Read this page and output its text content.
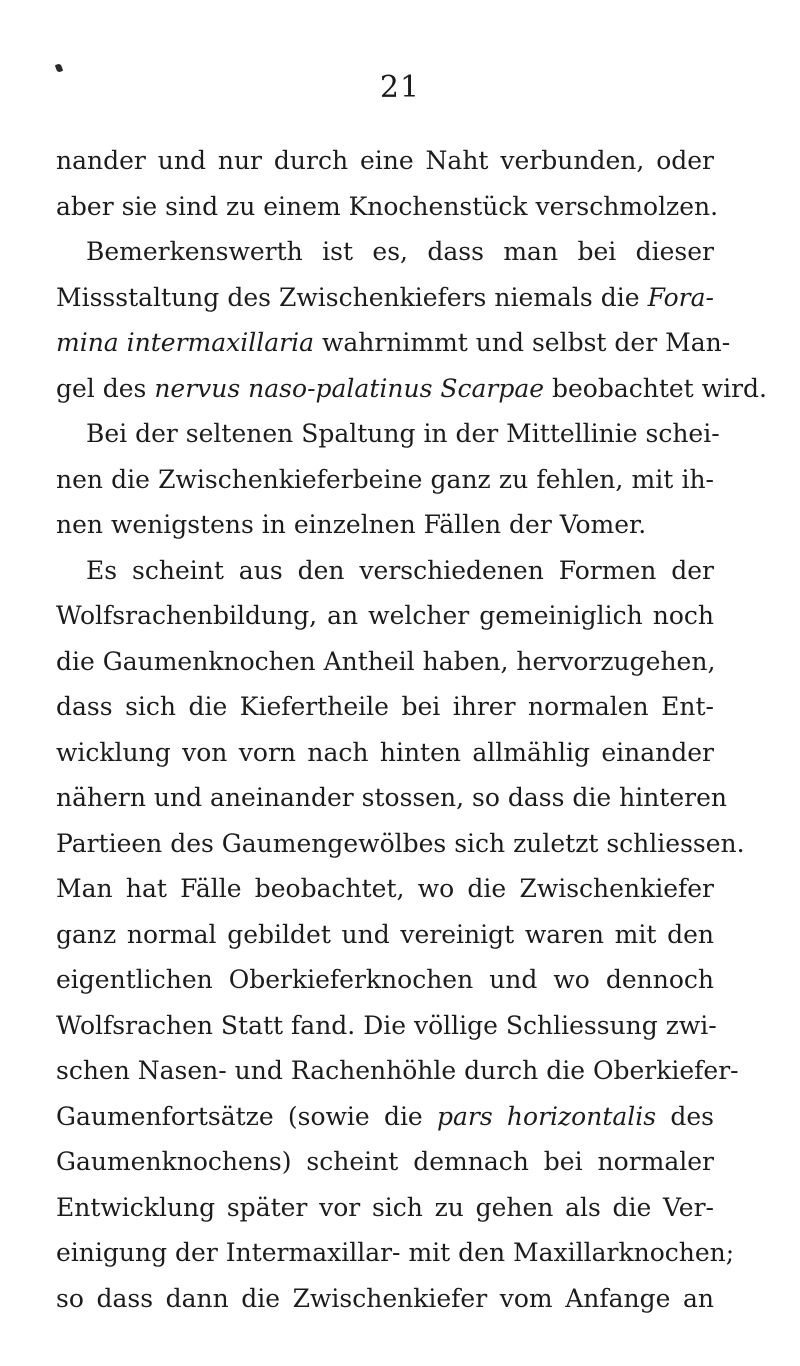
21
nander und nur durch eine Naht verbunden, oder
aber sie sind zu einem Knochenstück verschmolzen.
Bemerkenswerth ist es, dass man bei dieser
Missstaltung des Zwischenkiefers niemals die Fora-
mina intermaxillaria wahrnimmt und selbst der Man-
gel des nervus naso-palatinus Scarpae beobachtet wird.
Bei der seltenen Spaltung in der Mittellinie schei-
nen die Zwischenkieferbeine ganz zu fehlen, mit ih-
nen wenigstens in einzelnen Fällen der Vomer.
Es scheint aus den verschiedenen Formen der
Wolfsrachenbildung, an welcher gemeiniglich noch
die Gaumenknochen Antheil haben, hervorzugehen,
dass sich die Kiefertheile bei ihrer normalen Ent-
wicklung von vorn nach hinten allmählig einander
nähern und aneinander stossen, so dass die hinteren
Partieen des Gaumengewölbes sich zuletzt schliessen.
Man hat Fälle beobachtet, wo die Zwischenkiefer
ganz normal gebildet und vereinigt waren mit den
eigentlichen Oberkieferknochen und wo dennoch
Wolfsrachen Statt fand. Die völlige Schliessung zwi-
schen Nasen- und Rachenhöhle durch die Oberkiefer-
Gaumenfortsätze (sowie die pars horizontalis des
Gaumenknochens) scheint demnach bei normaler
Entwicklung später vor sich zu gehen als die Ver-
einigung der Intermaxillar- mit den Maxillarknochen;
so dass dann die Zwischenkiefer vom Anfange an
